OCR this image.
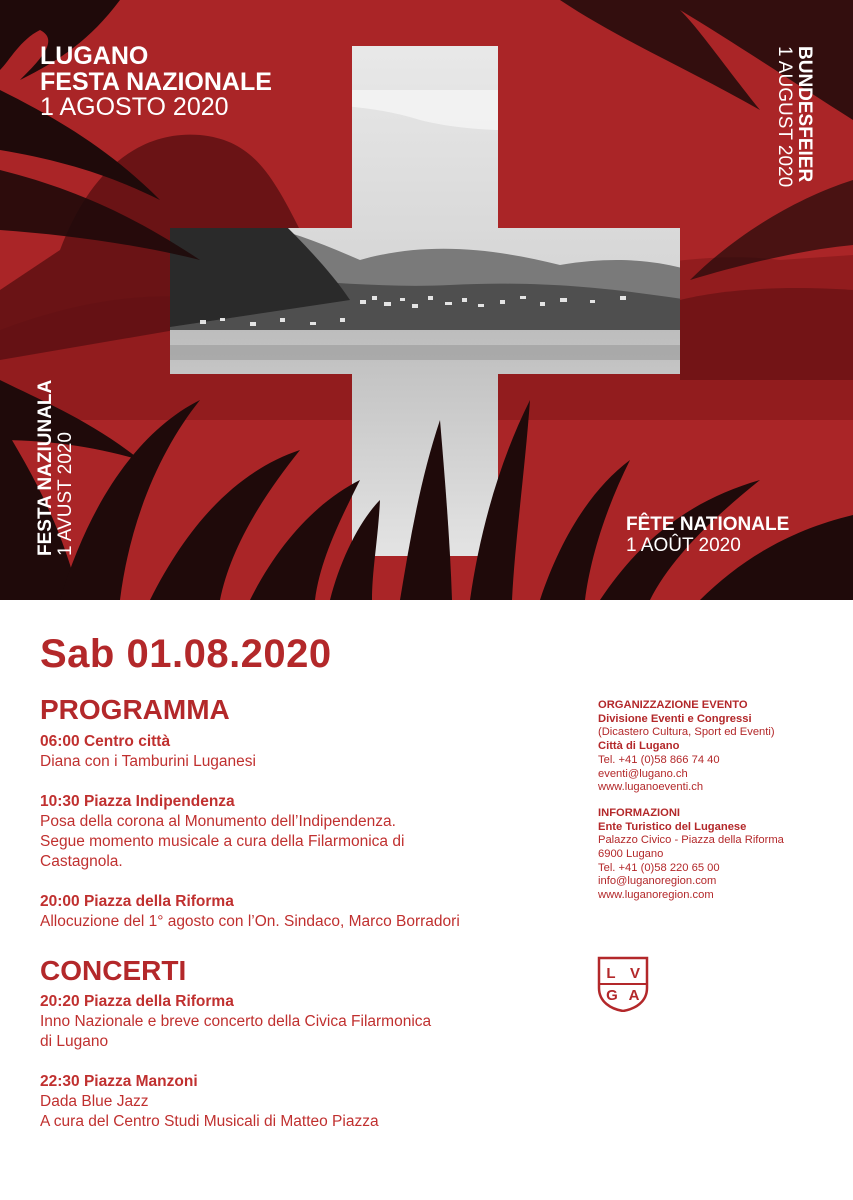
LUGANO
FESTA NAZIONALE
1 AGOSTO 2020	BUNDESFEIER
1 AUGUST 2020
FESTA NAZIUNALA
1 AVUST 2020	FÊTE NATIONALE
1 AOÛT 2020
Sab 01.08.2020
PROGRAMMA
06:00 Centro città
Diana con i Tamburini Luganesi
10:30 Piazza Indipendenza
Posa della corona al Monumento dell’Indipendenza.
Segue momento musicale a cura della Filarmonica di
Castagnola.
20:00 Piazza della Riforma
Allocuzione del 1° agosto con l’On. Sindaco, Marco Borradori
CONCERTI
20:20 Piazza della Riforma
Inno Nazionale e breve concerto della Civica Filarmonica
di Lugano
22:30 Piazza Manzoni
Dada Blue Jazz
A cura del Centro Studi Musicali di Matteo Piazza
ORGANIZZAZIONE EVENTO
Divisione Eventi e Congressi
(Dicastero Cultura, Sport ed Eventi)
Città di Lugano
Tel. +41 (0)58 866 74 40
eventi@lugano.ch
www.luganoeventi.ch
INFORMAZIONI
Ente Turistico del Luganese
Palazzo Civico - Piazza della Riforma
6900 Lugano
Tel. +41 (0)58 220 65 00
info@luganoregion.com
www.luganoregion.com
L V
G A
